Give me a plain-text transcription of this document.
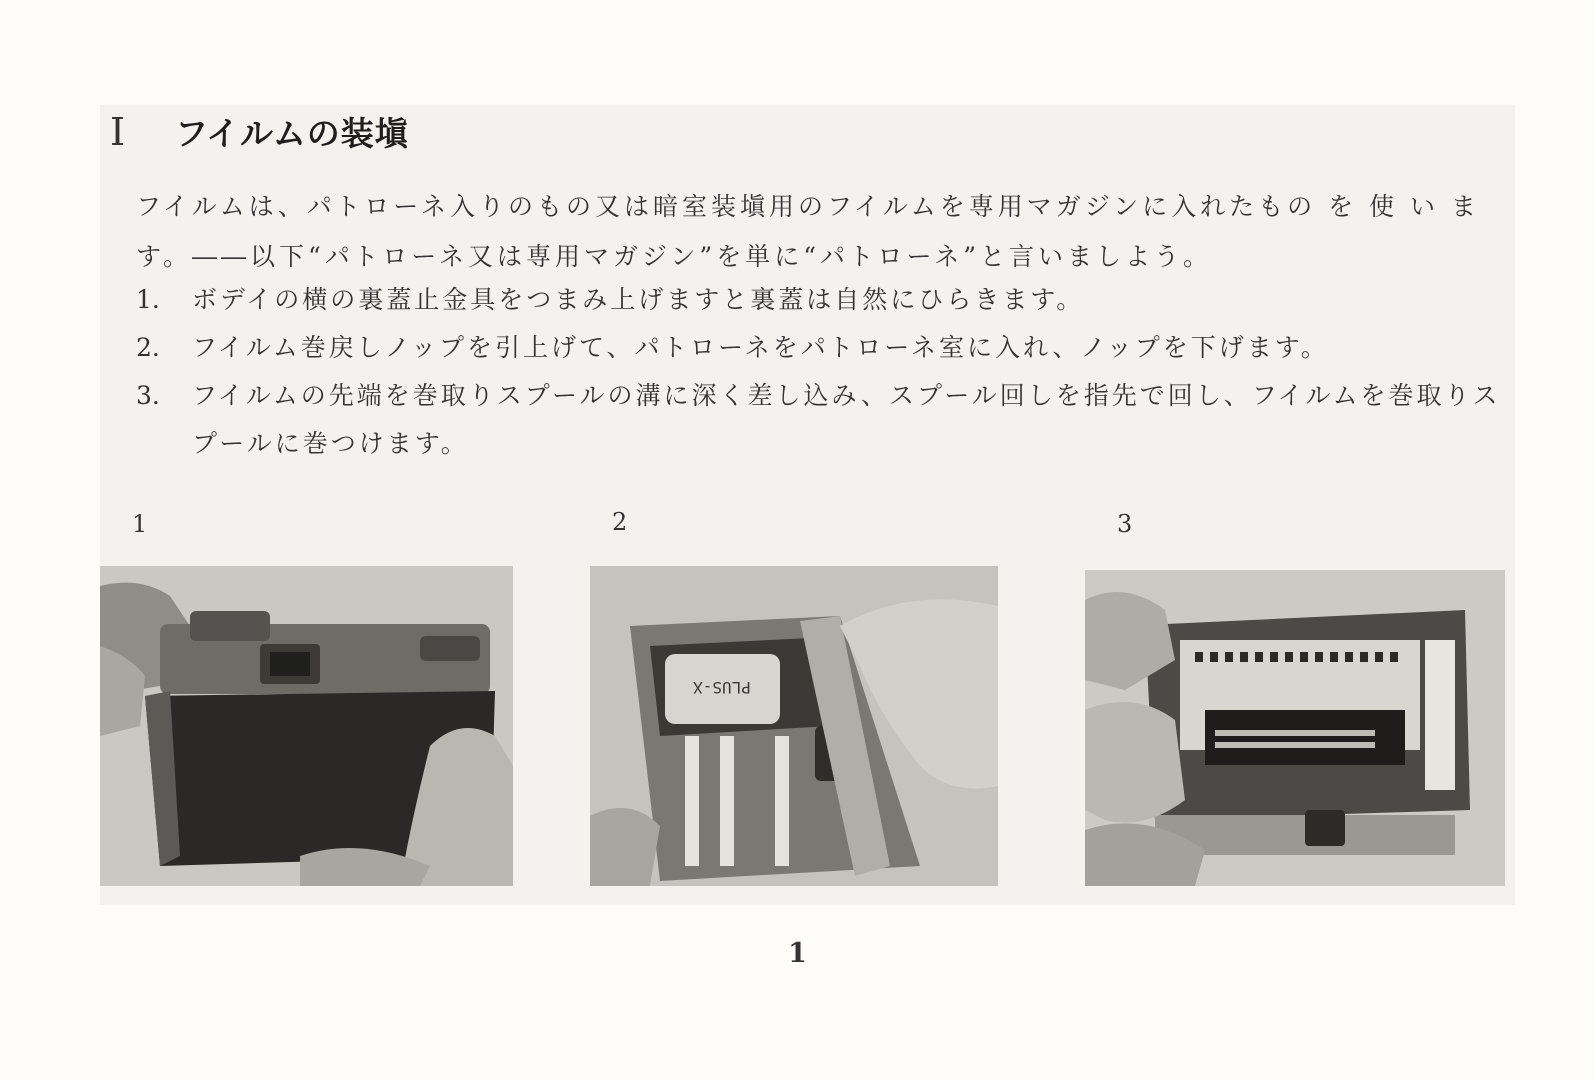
I フイルムの装塡

フイルムは、パトローネ入りのもの又は暗室装塡用のフイルムを専用マガジンに入れたもの を 使 い ま す。――以下“パトローネ又は専用マガジン”を単に“パトローネ”と言いましよう。

1.	ボデイの横の裏蓋止金具をつまみ上げますと裏蓋は自然にひらきます。
2.	フイルム巻戻しノップを引上げて、パトローネをパトローネ室に入れ、ノップを下げます。
3.	フイルムの先端を巻取りスプールの溝に深く差し込み、スプール回しを指先で回し、フイルムを巻取りスプールに巻つけます。
1	2	3
PLUS-X
1
